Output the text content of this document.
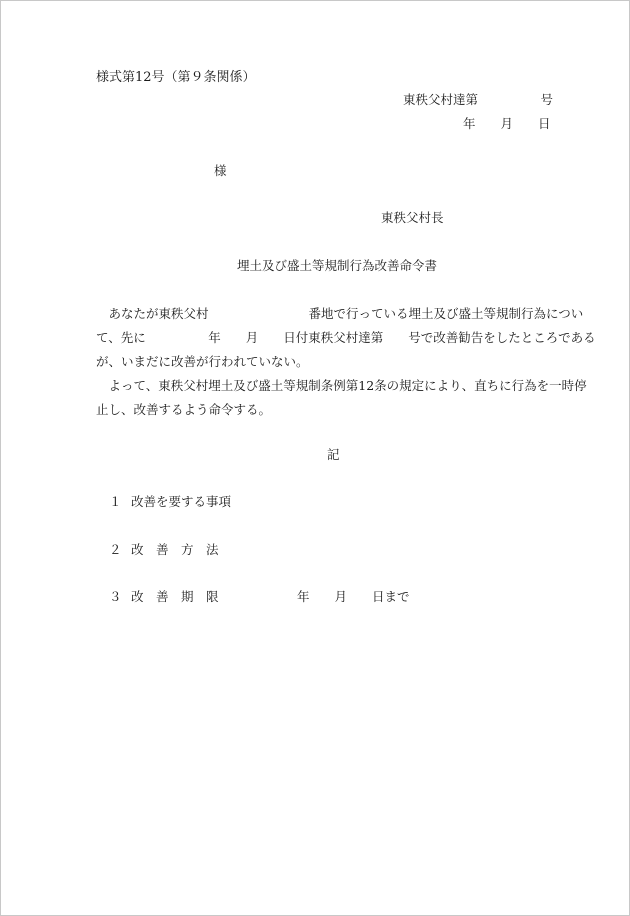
様式第12号（第９条関係）
東秩父村達第　　　　　号
年　　月　　日
様
東秩父村長
埋土及び盛土等規制行為改善命令書

　あなたが東秩父村　　　　　　　　番地で行っている埋土及び盛土等規制行為につい

て、先に　　　　　年　　月　　日付東秩父村達第　　号で改善勧告をしたところである

が、いまだに改善が行われていない。

　よって、東秩父村埋土及び盛土等規制条例第12条の規定により、直ちに行為を一時停

止し、改善するよう命令する。

記
１ 改善を要する事項
２ 改　善　方　法
３ 改　善　期　限	年　　月　　日まで
